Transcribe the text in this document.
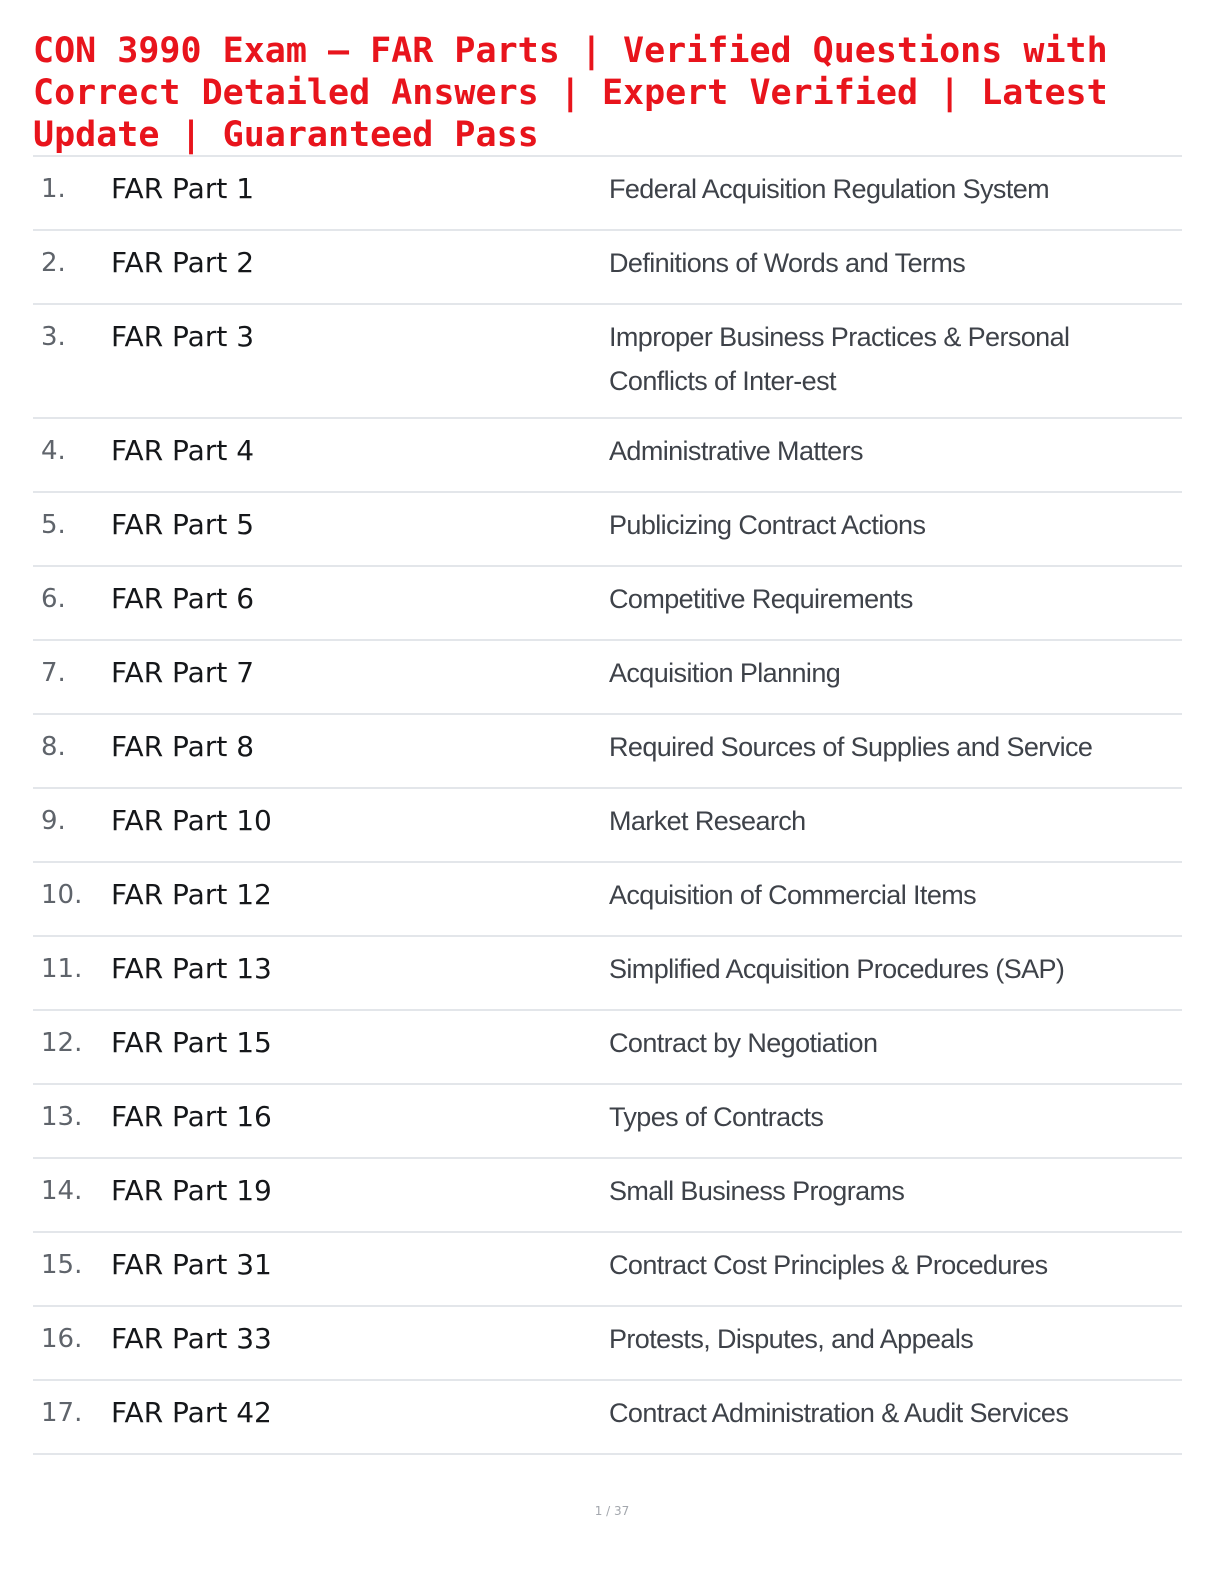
CON 3990 Exam – FAR Parts | Verified Questions with Correct Detailed Answers | Expert Verified | Latest Update | Guaranteed Pass
1.	FAR Part 1	Federal Acquisition Regulation System
2.	FAR Part 2	Definitions of Words and Terms
3.	FAR Part 3	Improper Business Practices & Personal Conflicts of Inter-est
4.	FAR Part 4	Administrative Matters
5.	FAR Part 5	Publicizing Contract Actions
6.	FAR Part 6	Competitive Requirements
7.	FAR Part 7	Acquisition Planning
8.	FAR Part 8	Required Sources of Supplies and Service
9.	FAR Part 10	Market Research
10.	FAR Part 12	Acquisition of Commercial Items
11.	FAR Part 13	Simplified Acquisition Procedures (SAP)
12.	FAR Part 15	Contract by Negotiation
13.	FAR Part 16	Types of Contracts
14.	FAR Part 19	Small Business Programs
15.	FAR Part 31	Contract Cost Principles & Procedures
16.	FAR Part 33	Protests, Disputes, and Appeals
17.	FAR Part 42	Contract Administration & Audit Services
1 / 37
